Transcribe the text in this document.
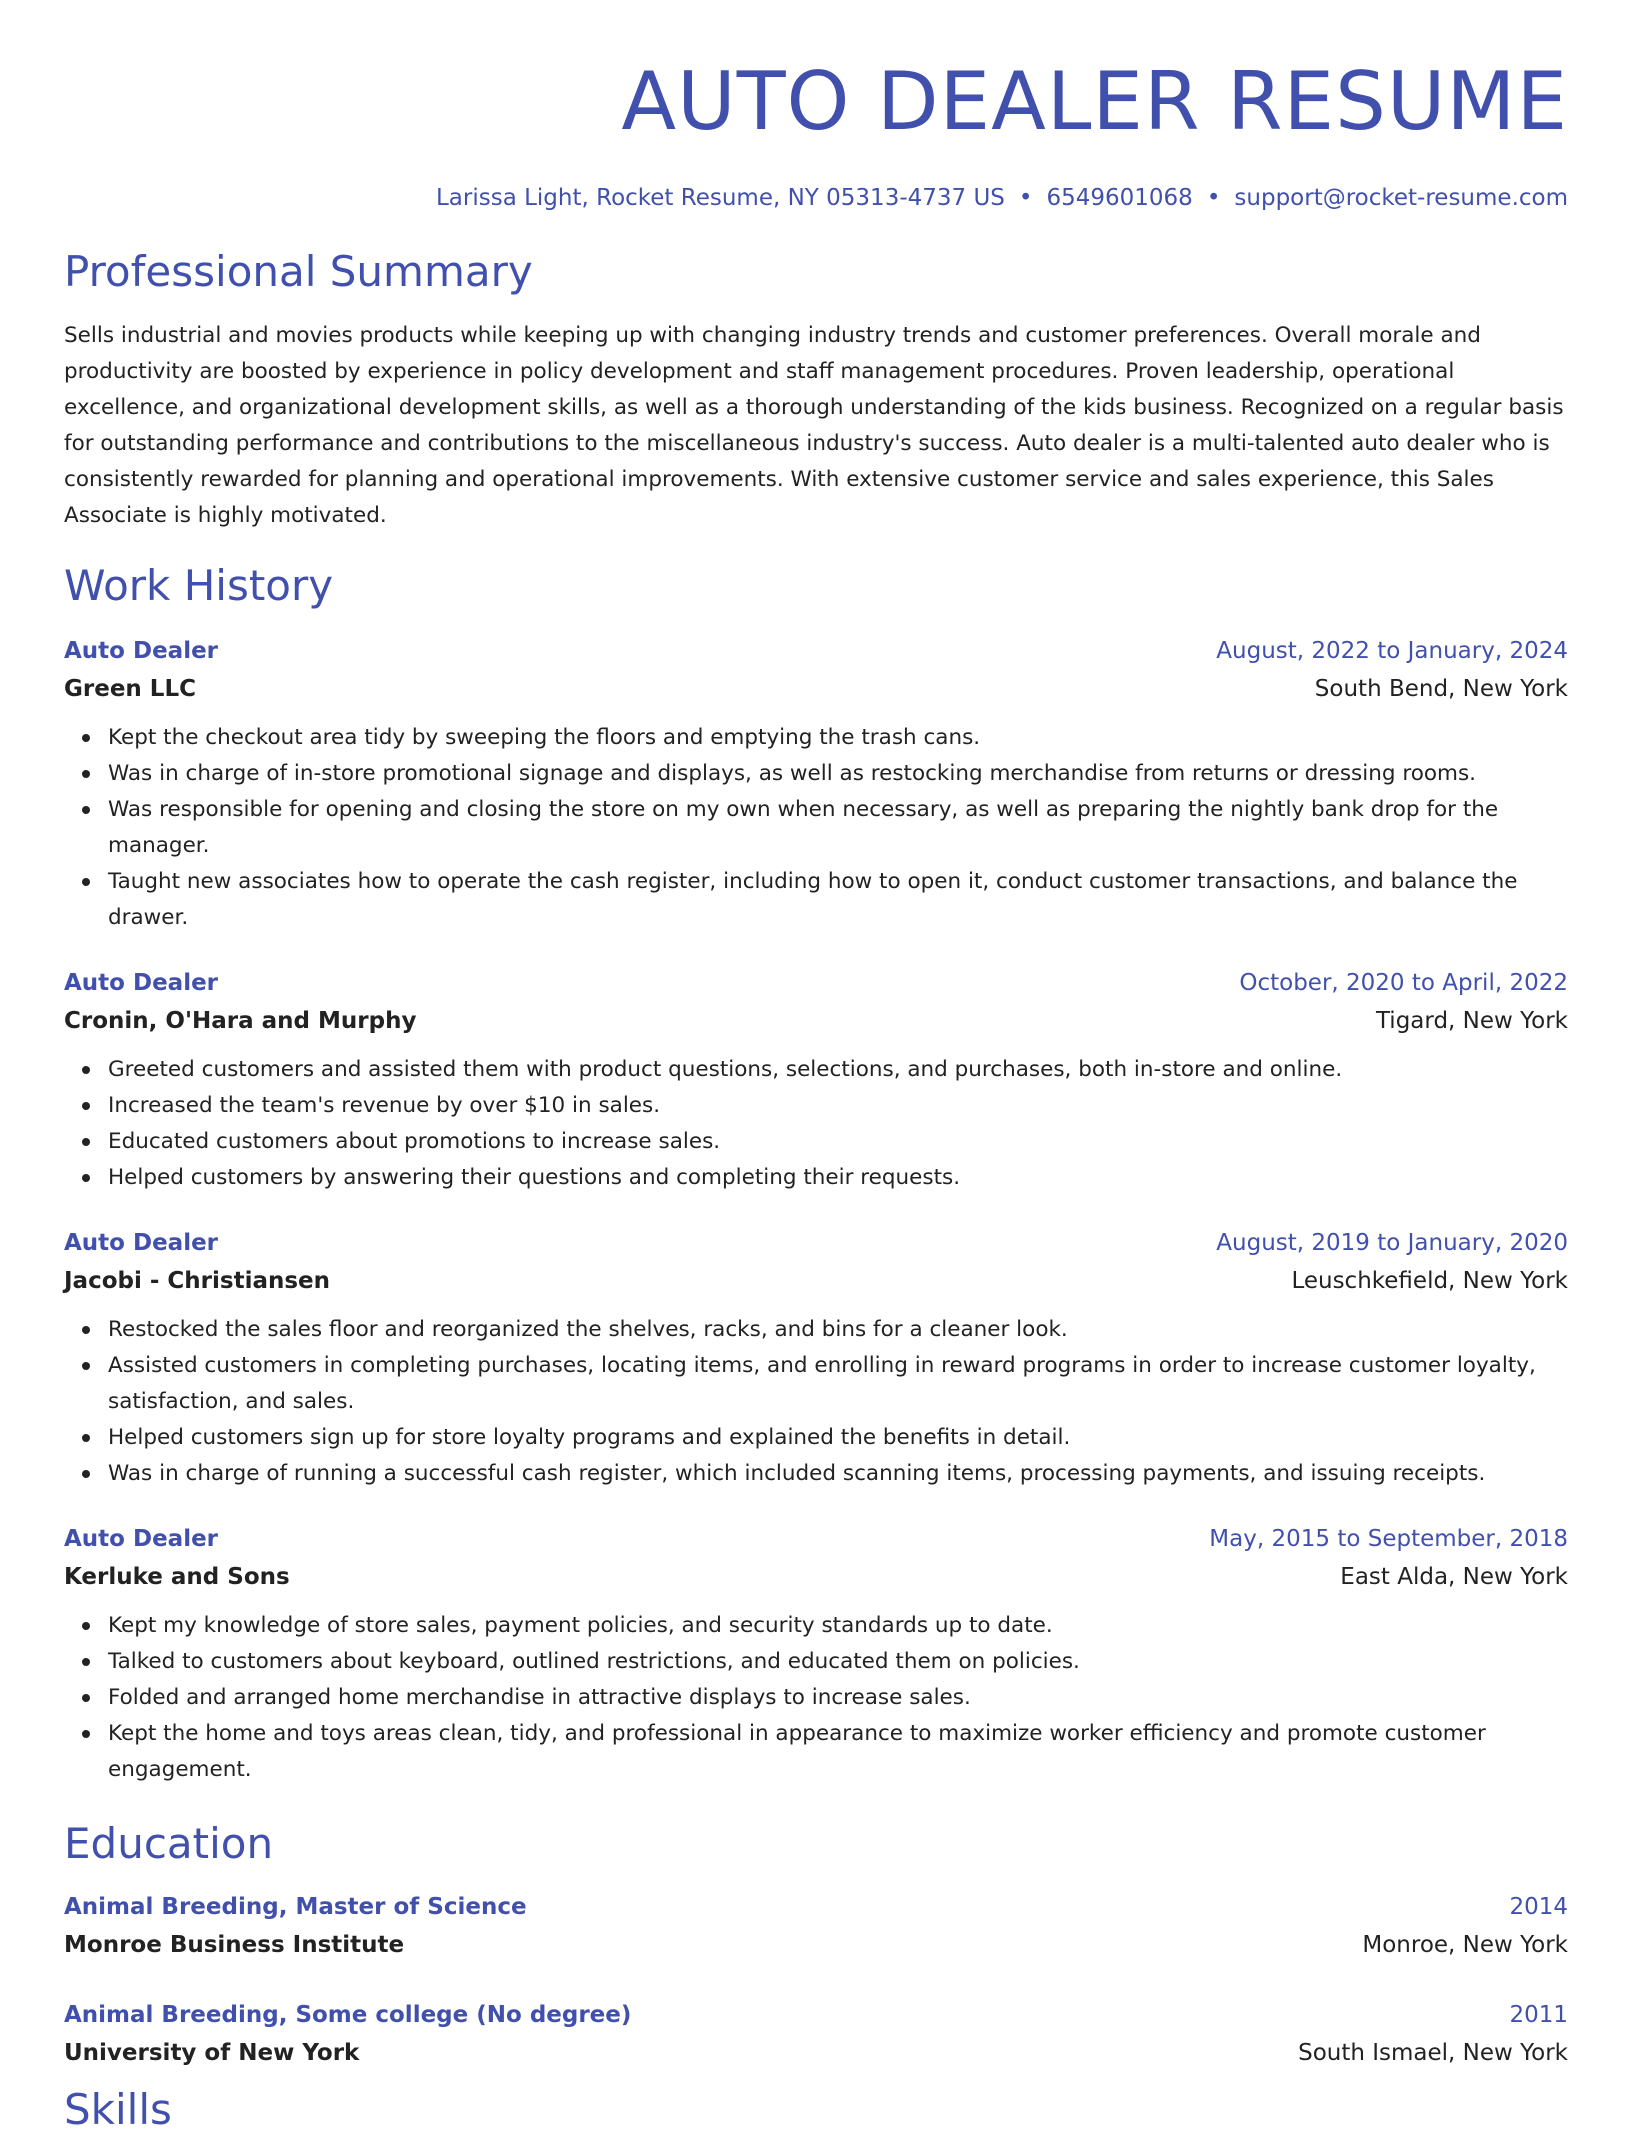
AUTO DEALER RESUME
Larissa Light, Rocket Resume, NY 05313-4737 US • 6549601068 • support@rocket-resume.com
Professional Summary

Sells industrial and movies products while keeping up with changing industry trends and customer preferences. Overall morale and productivity are boosted by experience in policy development and staff management procedures. Proven leadership, operational excellence, and organizational development skills, as well as a thorough understanding of the kids business. Recognized on a regular basis for outstanding performance and contributions to the miscellaneous industry's success. Auto dealer is a multi-talented auto dealer who is consistently rewarded for planning and operational improvements. With extensive customer service and sales experience, this Sales Associate is highly motivated.

Work History
Auto Dealer	August, 2022 to January, 2024
Green LLC	South Bend, New York
Kept the checkout area tidy by sweeping the floors and emptying the trash cans.
Was in charge of in-store promotional signage and displays, as well as restocking merchandise from returns or dressing rooms.
Was responsible for opening and closing the store on my own when necessary, as well as preparing the nightly bank drop for the manager.
Taught new associates how to operate the cash register, including how to open it, conduct customer transactions, and balance the drawer.
Auto Dealer	October, 2020 to April, 2022
Cronin, O'Hara and Murphy	Tigard, New York
Greeted customers and assisted them with product questions, selections, and purchases, both in-store and online.
Increased the team's revenue by over $10 in sales.
Educated customers about promotions to increase sales.
Helped customers by answering their questions and completing their requests.
Auto Dealer	August, 2019 to January, 2020
Jacobi - Christiansen	Leuschkefield, New York
Restocked the sales floor and reorganized the shelves, racks, and bins for a cleaner look.
Assisted customers in completing purchases, locating items, and enrolling in reward programs in order to increase customer loyalty, satisfaction, and sales.
Helped customers sign up for store loyalty programs and explained the benefits in detail.
Was in charge of running a successful cash register, which included scanning items, processing payments, and issuing receipts.
Auto Dealer	May, 2015 to September, 2018
Kerluke and Sons	East Alda, New York
Kept my knowledge of store sales, payment policies, and security standards up to date.
Talked to customers about keyboard, outlined restrictions, and educated them on policies.
Folded and arranged home merchandise in attractive displays to increase sales.
Kept the home and toys areas clean, tidy, and professional in appearance to maximize worker efficiency and promote customer engagement.
Education
Animal Breeding, Master of Science	2014
Monroe Business Institute	Monroe, New York
Animal Breeding, Some college (No degree)	2011
University of New York	South Ismael, New York
Skills
